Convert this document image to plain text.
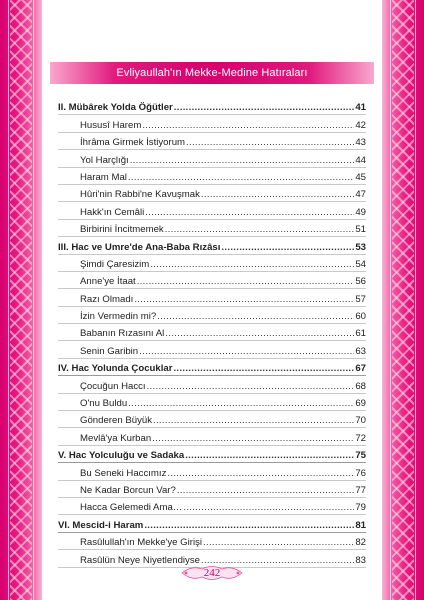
Evliyaullah'ın Mekke-Medine Hatıraları
II. Mübârek Yolda Öğütler .....	41
Hususî Harem .....	42
İhrâma Girmek İstiyorum .....	43
Yol Harçlığı .....	44
Haram Mal .....	45
Hûri'nin Rabbi'ne Kavuşmak .....	47
Hakk'ın Cemâli .....	49
Birbirini İncitmemek .....	51
III. Hac ve Umre'de Ana-Baba Rızâsı .....	53
Şimdi Çaresizim .....	54
Anne'ye İtaat .....	56
Razı Olmadı .....	57
İzin Vermedin mi? .....	60
Babanın Rızasını Al .....	61
Senin Garibin .....	63
IV. Hac Yolunda Çocuklar .....	67
Çocuğun Haccı .....	68
O'nu Buldu .....	69
Gönderen Büyük .....	70
Mevlâ'ya Kurban .....	72
V. Hac Yolculuğu ve Sadaka .....	75
Bu Seneki Haccımız .....	76
Ne Kadar Borcun Var? .....	77
Hacca Gelemedi Ama… .....	79
VI. Mescid-i Haram .....	81
Rasûlullah'ın Mekke'ye Girişi .....	82
Rasûlün Neye Niyetlendiyse .....	83
242
